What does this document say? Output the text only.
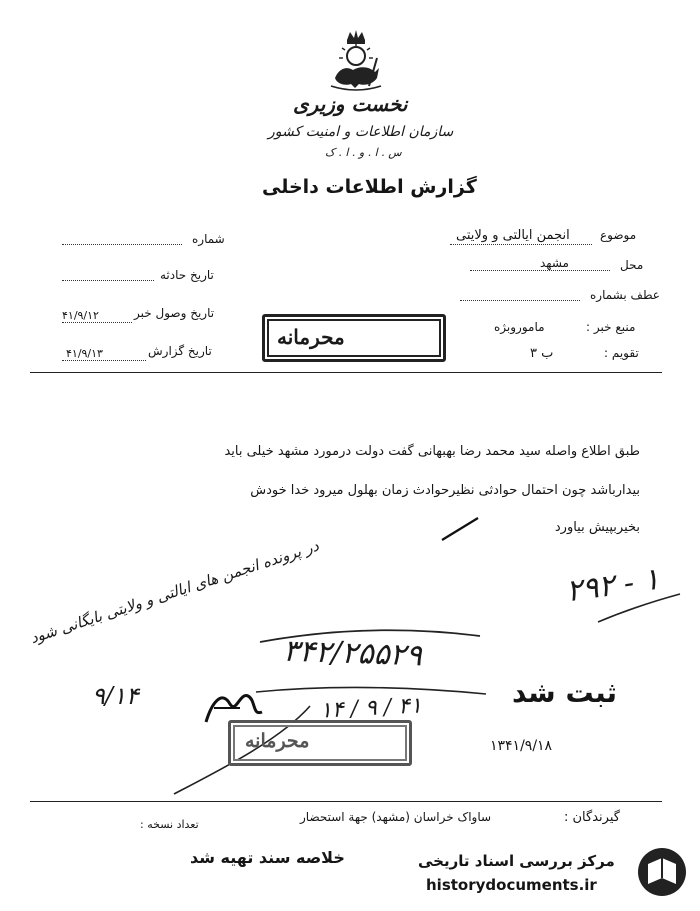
نخست وزیری
سازمان اطلاعات و امنیت کشور
س . ا . و . ا . ک
گزارش اطلاعات داخلی
شماره
تاریخ حادثه
تاریخ وصول خبر
۴۱/۹/۱۲
تاریخ گزارش
۴۱/۹/۱۳
محرمانه
موضوع
انجمن ایالتی و ولایتی
محل
مشهد
عطف بشماره
منبع خبر :
ماموروبژه
تقویم :
ب ۳
طبق اطلاع واصله سید محمد رضا بهبهانی گفت دولت درمورد مشهد خیلی باید
بیدارباشد چون احتمال حوادثی نظیرحوادث زمان بهلول میرود خدا خودش
بخیربپیش بیاورد
۲۹۲ - ۱
۳۴۲/۲۵۵۲۹
۱۴ / ۹ / ۴۱
در پرونده انجمن های ایالتی و ولایتی بایگانی شود
۹/۱۴
محرمانه
ثبت شد
۱۳۴۱/۹/۱۸
گیرندگان :
ساواک خراسان (مشهد) جهة استحضار
تعداد نسخه :
خلاصه سند تهیه شد	مرکز بررسی اسناد تاریخی
historydocuments.ir
